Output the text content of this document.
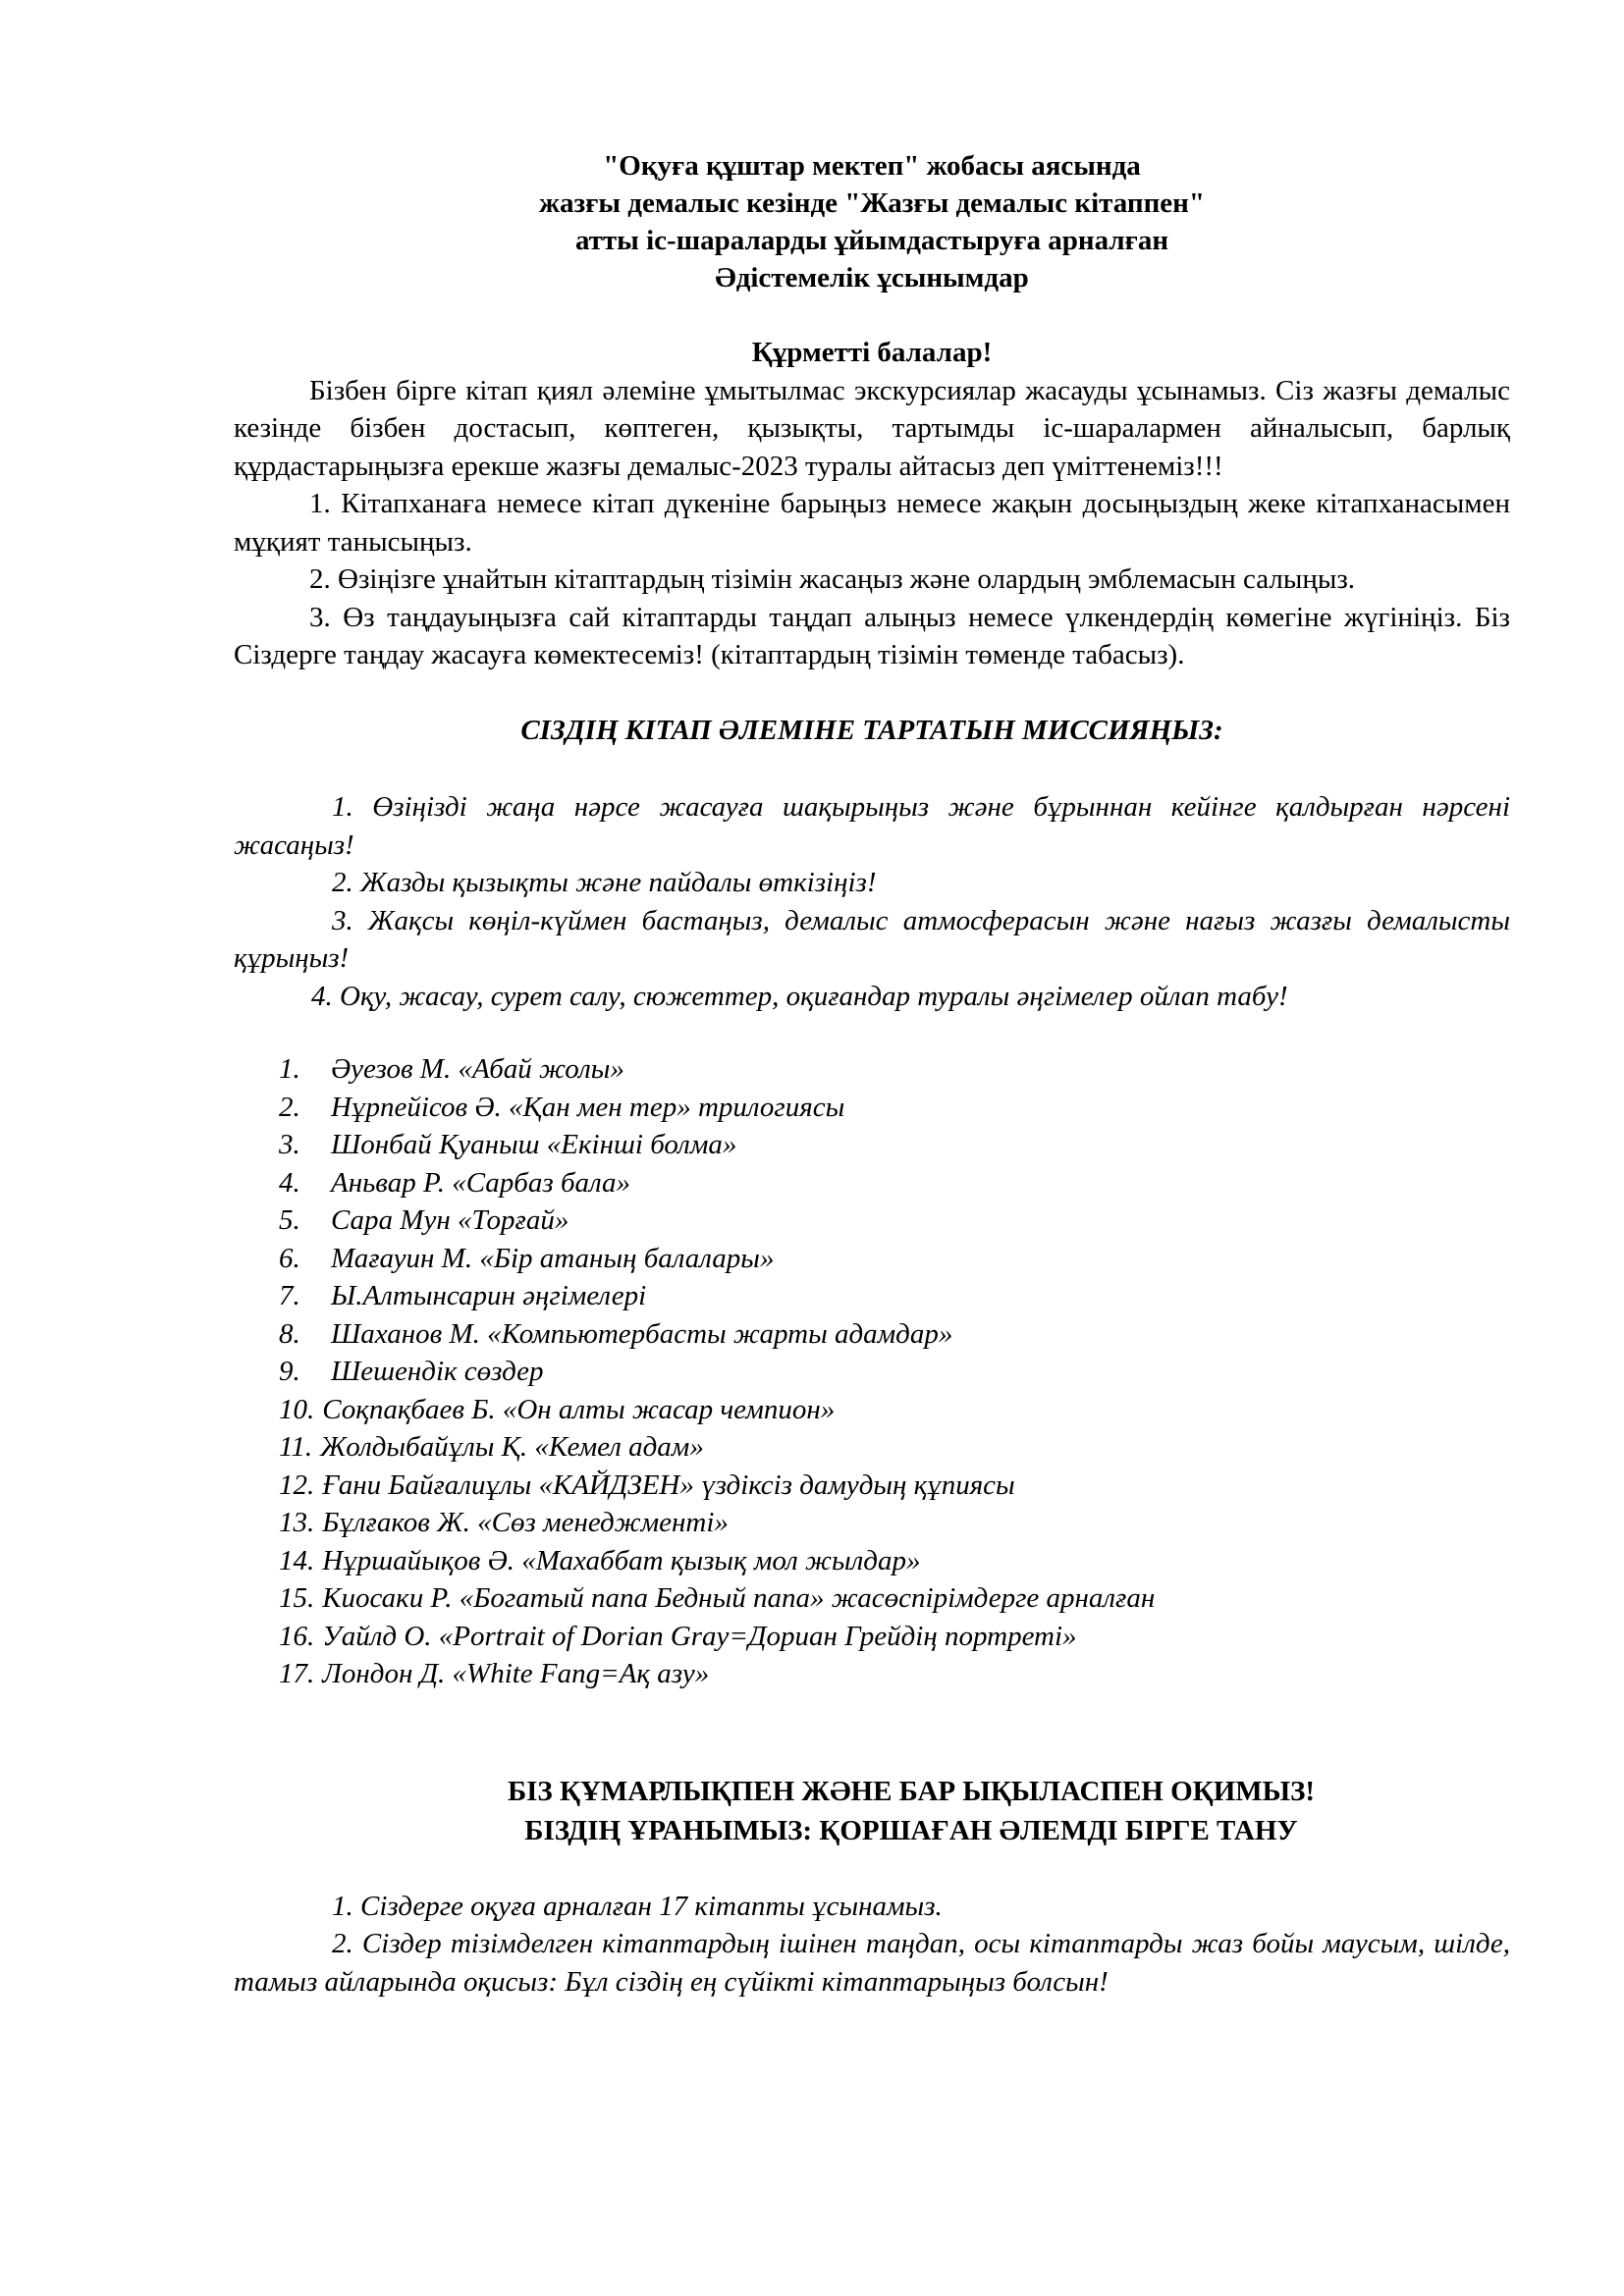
"Оқуға құштар мектеп" жобасы аясында
жазғы демалыс кезінде "Жазғы демалыс кітаппен"
атты іс-шараларды ұйымдастыруға арналған
Әдістемелік ұсынымдар
Құрметті балалар!

Бізбен бірге кітап қиял әлеміне ұмытылмас экскурсиялар жасауды ұсынамыз. Сіз жазғы демалыс кезінде бізбен достасып, көптеген, қызықты, тартымды іс-шаралармен айналысып, барлық құрдастарыңызға ерекше жазғы демалыс-2023 туралы айтасыз деп үміттенеміз!!!

1. Кітапханаға немесе кітап дүкеніне барыңыз немесе жақын досыңыздың жеке кітапханасымен мұқият танысыңыз.

2. Өзіңізге ұнайтын кітаптардың тізімін жасаңыз және олардың эмблемасын салыңыз.

3. Өз таңдауыңызға сай кітаптарды таңдап алыңыз немесе үлкендердің көмегіне жүгініңіз. Біз Сіздерге таңдау жасауға көмектесеміз! (кітаптардың тізімін төменде табасыз).

СІЗДІҢ КІТАП ӘЛЕМІНЕ ТАРТАТЫН МИССИЯҢЫЗ:

1. Өзіңізді жаңа нәрсе жасауға шақырыңыз және бұрыннан кейінге қалдырған нәрсені жасаңыз!

2. Жазды қызықты және пайдалы өткізіңіз!

3. Жақсы көңіл-күймен бастаңыз, демалыс атмосферасын және нағыз жазғы демалысты құрыңыз!

4. Оқу, жасау, сурет салу, сюжеттер, оқиғандар туралы әңгімелер ойлап табу!

1.	Әуезов М. «Абай жолы»
2.	Нұрпейісов Ә. «Қан мен тер» трилогиясы
3.	Шонбай Қуаныш «Екінші болма»
4.	Аньвар Р. «Сарбаз бала»
5.	Сара Мун «Торғай»
6.	Мағауин М. «Бір атаның балалары»
7.	Ы.Алтынсарин әңгімелері
8.	Шаханов М. «Компьютербасты жарты адамдар»
9.	Шешендік сөздер
10. Соқпақбаев Б. «Он алты жасар чемпион»
11. Жолдыбайұлы Қ. «Кемел адам»
12. Ғани Байғалиұлы «КАЙДЗЕН» үздіксіз дамудың құпиясы
13. Бұлғаков Ж. «Сөз менеджменті»
14. Нұршайықов Ә. «Махаббат қызық мол жылдар»
15. Киосаки Р. «Богатый папа Бедный папа» жасөспірімдерге арналған
16. Уайлд О. «Portrait of Dorian Gray=Дориан Грейдің портреті»
17. Лондон Д. «White Fang=Ақ азу»
БІЗ ҚҰМАРЛЫҚПЕН ЖӘНЕ БАР ЫҚЫЛАСПЕН ОҚИМЫЗ!
БІЗДІҢ ҰРАНЫМЫЗ: ҚОРШАҒАН ӘЛЕМДІ БІРГЕ ТАНУ

1. Сіздерге оқуға арналған 17 кітапты ұсынамыз.

2. Сіздер тізімделген кітаптардың ішінен таңдап, осы кітаптарды жаз бойы маусым, шілде, тамыз айларында оқисыз: Бұл сіздің ең сүйікті кітаптарыңыз болсын!
